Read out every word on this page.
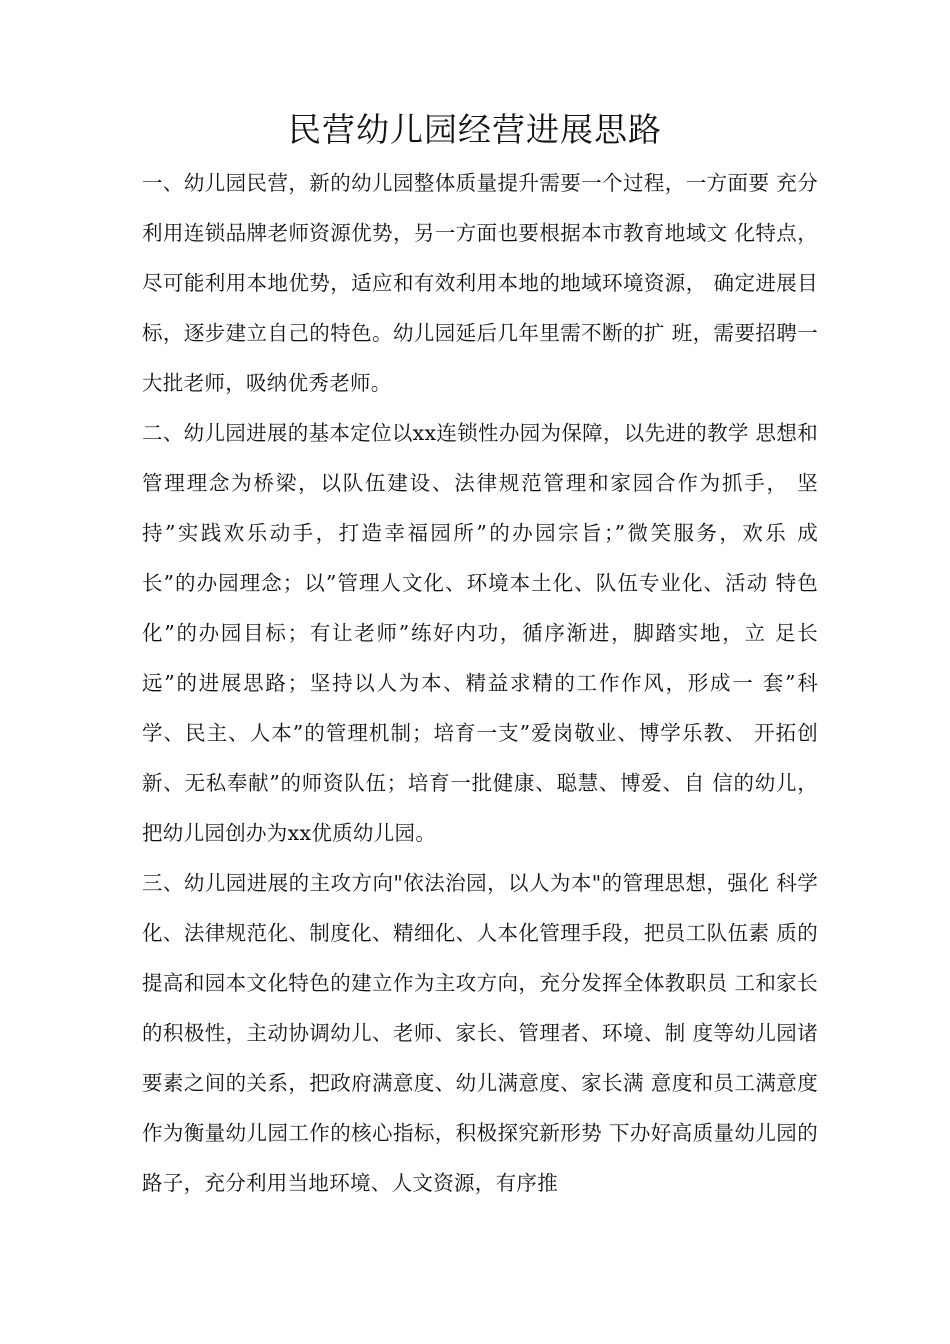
民营幼儿园经营进展思路
一、幼儿园民营，新的幼儿园整体质量提升需要一个过程，一方面要 充分
利用连锁品牌老师资源优势，另一方面也要根据本市教育地域文 化特点，
尽可能利用本地优势，适应和有效利用本地的地域环境资源， 确定进展目
标，逐步建立自己的特色。幼儿园延后几年里需不断的扩 班，需要招聘一
大批老师，吸纳优秀老师。
二、幼儿园进展的基本定位以xx连锁性办园为保障，以先进的教学 思想和
管理理念为桥梁，以队伍建设、法律规范管理和家园合作为抓手， 坚
持”实践欢乐动手，打造幸福园所”的办园宗旨；”微笑服务，欢乐 成
长”的办园理念；以”管理人文化、环境本土化、队伍专业化、活动 特色
化”的办园目标；有让老师”练好内功，循序渐进，脚踏实地，立 足长
远”的进展思路；坚持以人为本、精益求精的工作作风，形成一 套”科
学、民主、人本”的管理机制；培育一支”爱岗敬业、博学乐教、 开拓创
新、无私奉献”的师资队伍；培育一批健康、聪慧、博爱、自 信的幼儿，
把幼儿园创办为xx优质幼儿园。
三、幼儿园进展的主攻方向"依法治园，以人为本"的管理思想，强化 科学
化、法律规范化、制度化、精细化、人本化管理手段，把员工队伍素 质的
提高和园本文化特色的建立作为主攻方向，充分发挥全体教职员 工和家长
的积极性，主动协调幼儿、老师、家长、管理者、环境、制 度等幼儿园诸
要素之间的关系，把政府满意度、幼儿满意度、家长满 意度和员工满意度
作为衡量幼儿园工作的核心指标，积极探究新形势 下办好高质量幼儿园的
路子，充分利用当地环境、人文资源，有序推
